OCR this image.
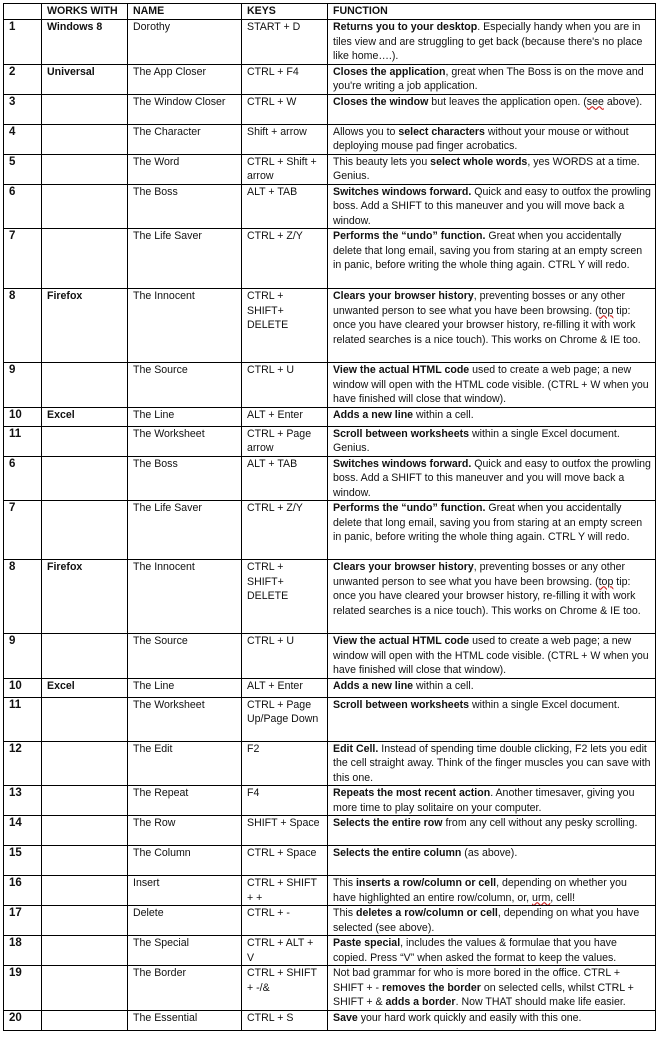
	WORKS WITH	NAME	KEYS	FUNCTION
1	Windows 8	Dorothy	START + D	Returns you to your desktop. Especially handy when you are in tiles view and are struggling to get back (because there's no place like home….).
2	Universal	The App Closer	CTRL + F4	Closes the application, great when The Boss is on the move and you're writing a job application.
3		The Window Closer	CTRL + W	Closes the window but leaves the application open. (see above).
4		The Character	Shift + arrow	Allows you to select characters without your mouse or without deploying mouse pad finger acrobatics.
5		The Word	CTRL + Shift + arrow	This beauty lets you select whole words, yes WORDS at a time. Genius.
6		The Boss	ALT + TAB	Switches windows forward. Quick and easy to outfox the prowling boss. Add a SHIFT to this maneuver and you will move back a window.
7		The Life Saver	CTRL + Z/Y	Performs the “undo” function. Great when you accidentally delete that long email, saving you from staring at an empty screen in panic, before writing the whole thing again. CTRL Y will redo.
8	Firefox	The Innocent	CTRL + SHIFT+ DELETE	Clears your browser history, preventing bosses or any other unwanted person to see what you have been browsing. (top tip: once you have cleared your browser history, re-filling it with work related searches is a nice touch). This works on Chrome & IE too.
9		The Source	CTRL + U	View the actual HTML code used to create a web page; a new window will open with the HTML code visible. (CTRL + W when you have finished will close that window).
10	Excel	The Line	ALT + Enter	Adds a new line within a cell.
11		The Worksheet	CTRL + Page arrow	Scroll between worksheets within a single Excel document. Genius.
6		The Boss	ALT + TAB	Switches windows forward. Quick and easy to outfox the prowling boss. Add a SHIFT to this maneuver and you will move back a window.
7		The Life Saver	CTRL + Z/Y	Performs the “undo” function. Great when you accidentally delete that long email, saving you from staring at an empty screen in panic, before writing the whole thing again. CTRL Y will redo.
8	Firefox	The Innocent	CTRL + SHIFT+ DELETE	Clears your browser history, preventing bosses or any other unwanted person to see what you have been browsing. (top tip: once you have cleared your browser history, re-filling it with work related searches is a nice touch). This works on Chrome & IE too.
9		The Source	CTRL + U	View the actual HTML code used to create a web page; a new window will open with the HTML code visible. (CTRL + W when you have finished will close that window).
10	Excel	The Line	ALT + Enter	Adds a new line within a cell.
11		The Worksheet	CTRL + Page Up/Page Down	Scroll between worksheets within a single Excel document.
12		The Edit	F2	Edit Cell. Instead of spending time double clicking, F2 lets you edit the cell straight away. Think of the finger muscles you can save with this one.
13		The Repeat	F4	Repeats the most recent action. Another timesaver, giving you more time to play solitaire on your computer.
14		The Row	SHIFT + Space	Selects the entire row from any cell without any pesky scrolling.
15		The Column	CTRL + Space	Selects the entire column (as above).
16		Insert	CTRL + SHIFT + +	This inserts a row/column or cell, depending on whether you have highlighted an entire row/column, or, urm, cell!
17		Delete	CTRL + -	This deletes a row/column or cell, depending on what you have selected (see above).
18		The Special	CTRL + ALT + V	Paste special, includes the values & formulae that you have copied. Press “V” when asked the format to keep the values.
19		The Border	CTRL + SHIFT + -/&	Not bad grammar for who is more bored in the office. CTRL + SHIFT + - removes the border on selected cells, whilst CTRL + SHIFT + & adds a border. Now THAT should make life easier.
20		The Essential	CTRL + S	Save your hard work quickly and easily with this one.
